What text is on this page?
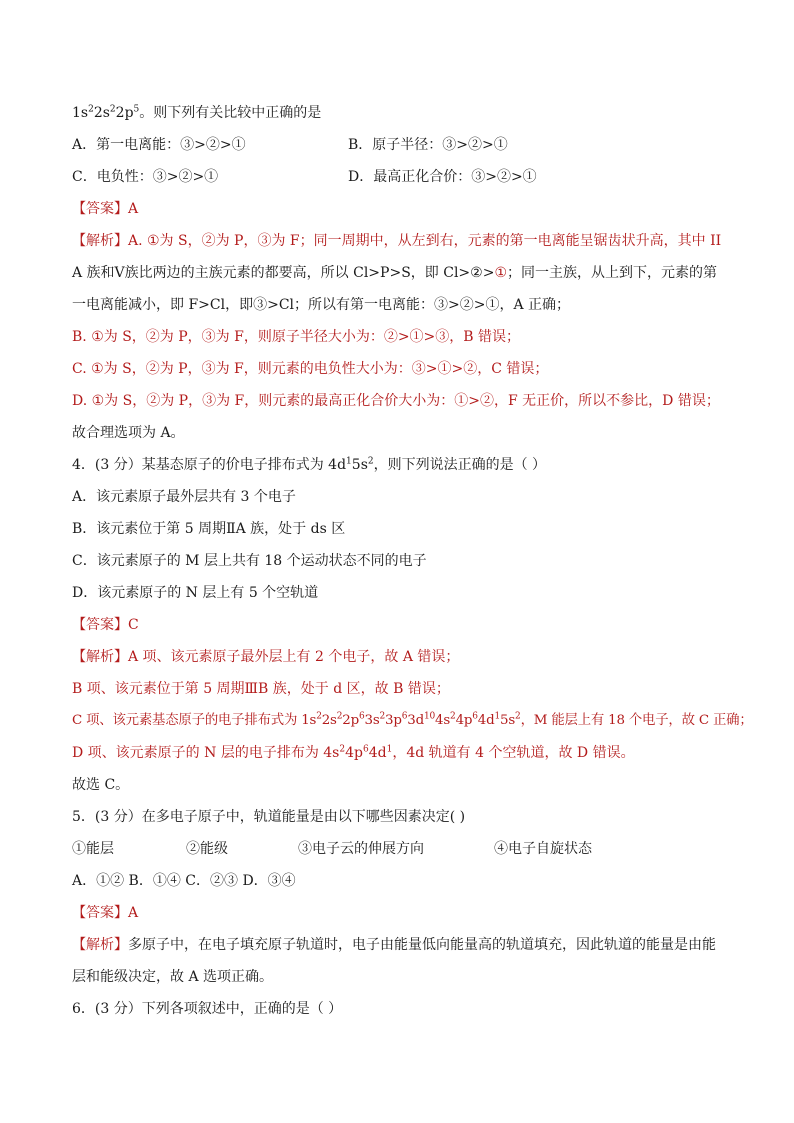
$1s^22s^22p^5$。则下列有关比较中正确的是
A．第一电离能：③>②>①	B．原子半径：③>②>①
C．电负性：③>②>①	D．最高正化合价：③>②>①
【答案】A
【解析】A. ①为 S，②为 P，③为 F；同一周期中，从左到右，元素的第一电离能呈锯齿状升高，其中 II
A 族和Ⅴ族比两边的主族元素的都要高，所以 Cl>P>S，即 Cl>②>①；同一主族，从上到下，元素的第
一电离能减小，即 F>Cl，即③>Cl；所以有第一电离能：③>②>①，A 正确；
B. ①为 S，②为 P，③为 F，则原子半径大小为：②>①>③，B 错误；
C. ①为 S，②为 P，③为 F，则元素的电负性大小为：③>①>②，C 错误；
D. ①为 S，②为 P，③为 F，则元素的最高正化合价大小为：①>②，F 无正价，所以不参比，D 错误；
故合理选项为 A。
4．(3 分）某基态原子的价电子排布式为 $4d^15s^2$，则下列说法正确的是（ ）
A．该元素原子最外层共有 3 个电子
B．该元素位于第 5 周期ⅡA 族，处于 ds 区
C．该元素原子的 M 层上共有 18 个运动状态不同的电子
D．该元素原子的 N 层上有 5 个空轨道
【答案】C
【解析】A 项、该元素原子最外层上有 2 个电子，故 A 错误；
B 项、该元素位于第 5 周期ⅢB 族，处于 d 区，故 B 错误；
C 项、该元素基态原子的电子排布式为 $1s^22s^22p^63s^23p^63d^{10}4s^24p^64d^15s^2$，M 能层上有 18 个电子，故 C 正确；
D 项、该元素原子的 N 层的电子排布为 $4s^24p^64d^1$，4d 轨道有 4 个空轨道，故 D 错误。
故选 C。
5．(3 分）在多电子原子中，轨道能量是由以下哪些因素决定( )
①能层	②能级	③电子云的伸展方向	④电子自旋状态
A．①② B．①④ C．②③ D．③④
【答案】A
【解析】多原子中，在电子填充原子轨道时，电子由能量低向能量高的轨道填充，因此轨道的能量是由能
层和能级决定，故 A 选项正确。
6．(3 分）下列各项叙述中，正确的是（ ）
